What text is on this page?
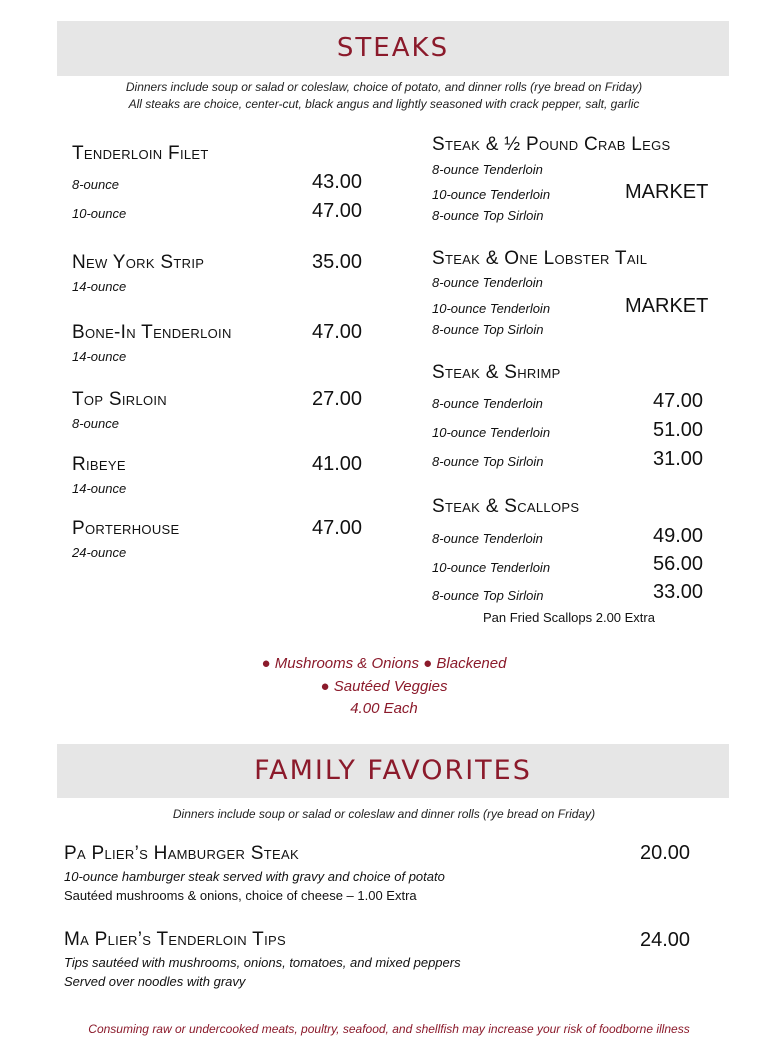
STEAKS
Dinners include soup or salad or coleslaw, choice of potato, and dinner rolls (rye bread on Friday)
All steaks are choice, center-cut, black angus and lightly seasoned with crack pepper, salt, garlic
Tenderloin Filet
8-ounce	43.00
10-ounce	47.00
New York Strip	35.00
14-ounce
Bone-In Tenderloin	47.00
14-ounce
Top Sirloin	27.00
8-ounce
Ribeye	41.00
14-ounce
Porterhouse	47.00
24-ounce
Steak & ½ Pound Crab Legs
8-ounce Tenderloin
10-ounce Tenderloin	MARKET
8-ounce Top Sirloin
Steak & One Lobster Tail
8-ounce Tenderloin
10-ounce Tenderloin	MARKET
8-ounce Top Sirloin
Steak & Shrimp
8-ounce Tenderloin	47.00
10-ounce Tenderloin	51.00
8-ounce Top Sirloin	31.00
Steak & Scallops
8-ounce Tenderloin	49.00
10-ounce Tenderloin	56.00
8-ounce Top Sirloin	33.00
Pan Fried Scallops 2.00 Extra
● Mushrooms & Onions ● Blackened
● Sautéed Veggies
4.00 Each
FAMILY FAVORITES
Dinners include soup or salad or coleslaw and dinner rolls (rye bread on Friday)
Pa Plier’s Hamburger Steak	20.00
10-ounce hamburger steak served with gravy and choice of potato
Sautéed mushrooms & onions, choice of cheese – 1.00 Extra
Ma Plier’s Tenderloin Tips	24.00
Tips sautéed with mushrooms, onions, tomatoes, and mixed peppers
Served over noodles with gravy
Consuming raw or undercooked meats, poultry, seafood, and shellfish may increase your risk of foodborne illness
